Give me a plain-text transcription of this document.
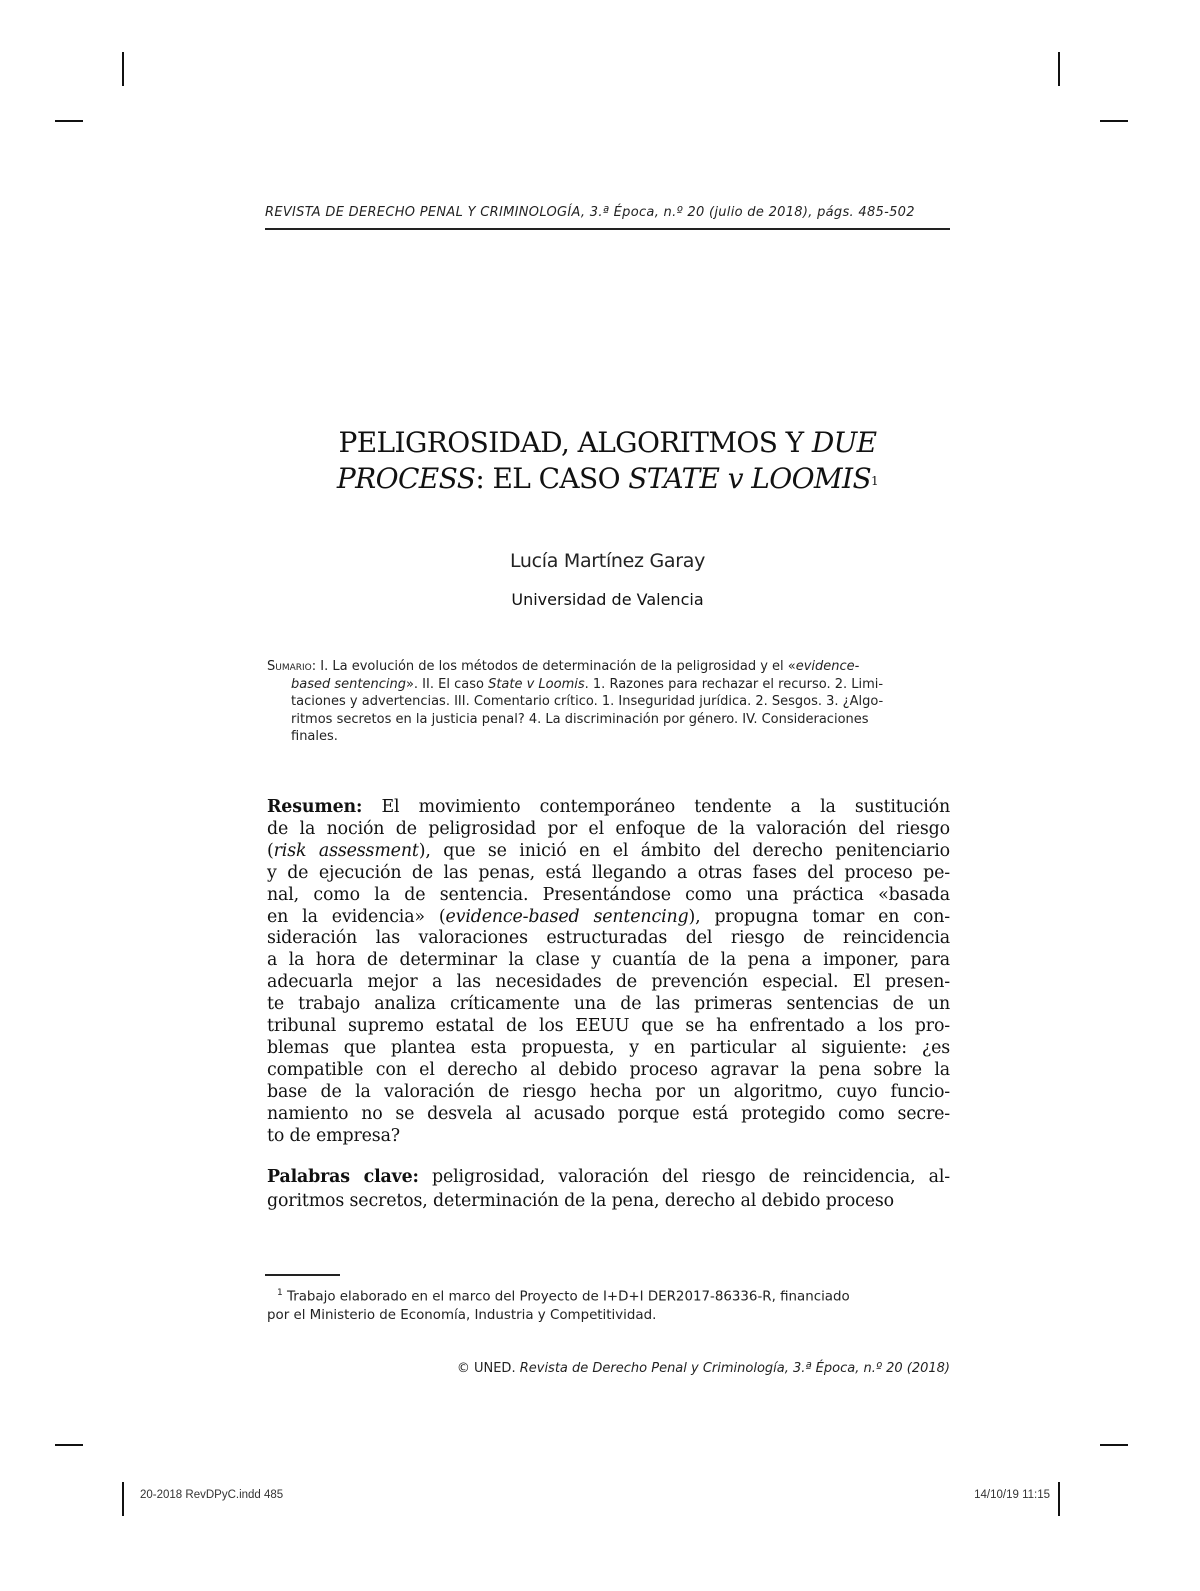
REVISTA DE DERECHO PENAL Y CRIMINOLOGÍA, 3.ª Época, n.º 20 (julio de 2018), págs. 485-502
PELIGROSIDAD, ALGORITMOS Y DUE
PROCESS: EL CASO STATE v LOOMIS$^1$
Lucía Martínez Garay
Universidad de Valencia
Sumario: I. La evolución de los métodos de determinación de la peligrosidad y el «evidence-
based sentencing». II. El caso State v Loomis. 1. Razones para rechazar el recurso. 2. Limi-
taciones y advertencias. III. Comentario crítico. 1. Inseguridad jurídica. 2. Sesgos. 3. ¿Algo-
ritmos secretos en la justicia penal? 4. La discriminación por género. IV. Consideraciones
finales.
Resumen: El movimiento contemporáneo tendente a la sustitución
de la noción de peligrosidad por el enfoque de la valoración del riesgo
(risk assessment), que se inició en el ámbito del derecho penitenciario
y de ejecución de las penas, está llegando a otras fases del proceso pe-
nal, como la de sentencia. Presentándose como una práctica «basada
en la evidencia» (evidence-based sentencing), propugna tomar en con-
sideración las valoraciones estructuradas del riesgo de reincidencia
a la hora de determinar la clase y cuantía de la pena a imponer, para
adecuarla mejor a las necesidades de prevención especial. El presen-
te trabajo analiza críticamente una de las primeras sentencias de un
tribunal supremo estatal de los EEUU que se ha enfrentado a los pro-
blemas que plantea esta propuesta, y en particular al siguiente: ¿es
compatible con el derecho al debido proceso agravar la pena sobre la
base de la valoración de riesgo hecha por un algoritmo, cuyo funcio-
namiento no se desvela al acusado porque está protegido como secre-
to de empresa?
Palabras clave: peligrosidad, valoración del riesgo de reincidencia, al-
goritmos secretos, determinación de la pena, derecho al debido proceso
$^1$ Trabajo elaborado en el marco del Proyecto de I+D+I DER2017-86336-R, financiado
por el Ministerio de Economía, Industria y Competitividad.
© UNED. Revista de Derecho Penal y Criminología, 3.ª Época, n.º 20 (2018)
20-2018 RevDPyC.indd 485	14/10/19 11:15
